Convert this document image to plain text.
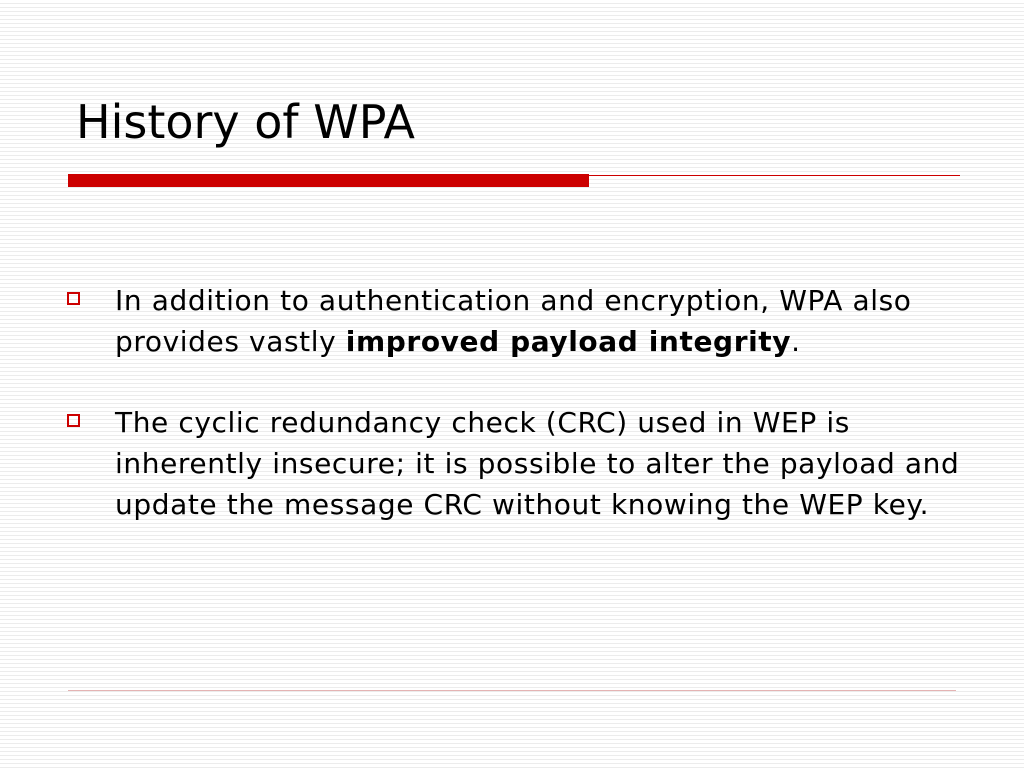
History of WPA
In addition to authentication and encryption, WPA also provides vastly improved payload integrity.
The cyclic redundancy check (CRC) used in WEP is inherently insecure; it is possible to alter the payload and update the message CRC without knowing the WEP key.
